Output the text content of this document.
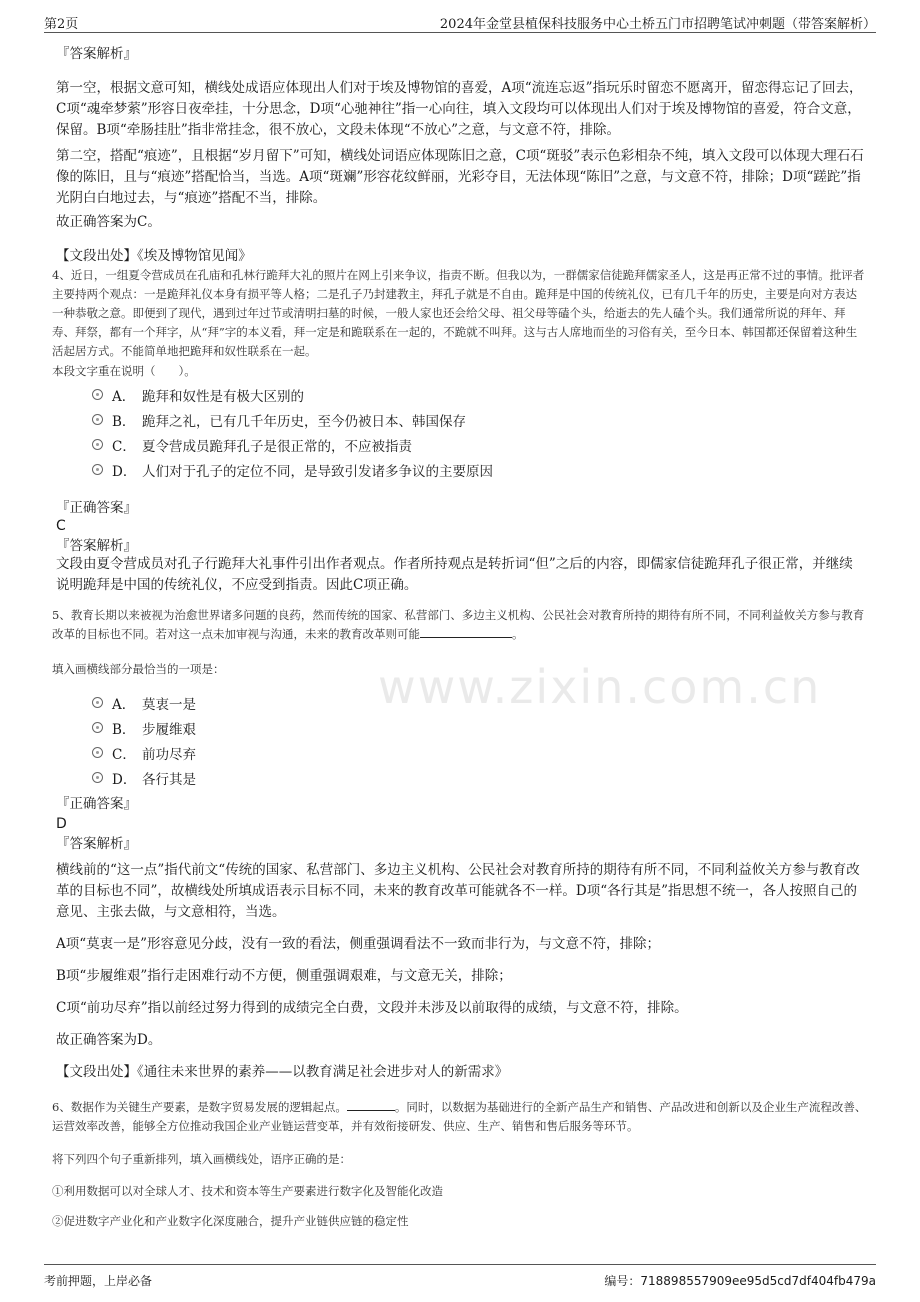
第2页	2024年金堂县植保科技服务中心土桥五门市招聘笔试冲刺题（带答案解析）
『答案解析』
第一空，根据文意可知，横线处成语应体现出人们对于埃及博物馆的喜爱，A项“流连忘返”指玩乐时留恋不愿离开，留恋得忘记了回去，C项“魂牵梦萦”形容日夜牵挂，十分思念，D项“心驰神往”指一心向往，填入文段均可以体现出人们对于埃及博物馆的喜爱，符合文意，保留。B项“牵肠挂肚”指非常挂念，很不放心，文段未体现“不放心”之意，与文意不符，排除。
第二空，搭配“痕迹”，且根据“岁月留下”可知，横线处词语应体现陈旧之意，C项“斑驳”表示色彩相杂不纯，填入文段可以体现大理石石像的陈旧，且与“痕迹”搭配恰当，当选。A项“斑斓”形容花纹鲜丽，光彩夺目，无法体现“陈旧”之意，与文意不符，排除；D项“蹉跎”指光阴白白地过去，与“痕迹”搭配不当，排除。
故正确答案为C。
【文段出处】《埃及博物馆见闻》
4、近日，一组夏令营成员在孔庙和孔林行跪拜大礼的照片在网上引来争议，指责不断。但我以为，一群儒家信徒跪拜儒家圣人，这是再正常不过的事情。批评者主要持两个观点：一是跪拜礼仪本身有损平等人格；二是孔子乃封建教主，拜孔子就是不自由。跪拜是中国的传统礼仪，已有几千年的历史，主要是向对方表达一种恭敬之意。即便到了现代，遇到过年过节或清明扫墓的时候，一般人家也还会给父母、祖父母等磕个头，给逝去的先人磕个头。我们通常所说的拜年、拜寿、拜祭，都有一个拜字，从“拜”字的本义看，拜一定是和跪联系在一起的，不跪就不叫拜。这与古人席地而坐的习俗有关，至今日本、韩国都还保留着这种生活起居方式。不能简单地把跪拜和奴性联系在一起。
本段文字重在说明（　　）。
A． 跪拜和奴性是有极大区别的
B． 跪拜之礼，已有几千年历史，至今仍被日本、韩国保存
C． 夏令营成员跪拜孔子是很正常的，不应被指责
D． 人们对于孔子的定位不同，是导致引发诸多争议的主要原因
『正确答案』
C
『答案解析』
文段由夏令营成员对孔子行跪拜大礼事件引出作者观点。作者所持观点是转折词“但”之后的内容，即儒家信徒跪拜孔子很正常，并继续说明跪拜是中国的传统礼仪，不应受到指责。因此C项正确。
5、教育长期以来被视为治愈世界诸多问题的良药，然而传统的国家、私营部门、多边主义机构、公民社会对教育所持的期待有所不同，不同利益攸关方参与教育改革的目标也不同。若对这一点未加审视与沟通，未来的教育改革则可能	。
填入画横线部分最恰当的一项是：	www.zixin.com.cn
A． 莫衷一是
B． 步履维艰
C． 前功尽弃
D． 各行其是
『正确答案』
D
『答案解析』
横线前的“这一点”指代前文“传统的国家、私营部门、多边主义机构、公民社会对教育所持的期待有所不同，不同利益攸关方参与教育改革的目标也不同”，故横线处所填成语表示目标不同，未来的教育改革可能就各不一样。D项“各行其是”指思想不统一，各人按照自己的意见、主张去做，与文意相符，当选。
A项“莫衷一是”形容意见分歧，没有一致的看法，侧重强调看法不一致而非行为，与文意不符，排除；
B项“步履维艰”指行走困难行动不方便，侧重强调艰难，与文意无关，排除；
C项“前功尽弃”指以前经过努力得到的成绩完全白费，文段并未涉及以前取得的成绩，与文意不符，排除。
故正确答案为D。
【文段出处】《通往未来世界的素养——以教育满足社会进步对人的新需求》
6、数据作为关键生产要素，是数字贸易发展的逻辑起点。	。同时，以数据为基础进行的全新产品生产和销售、产品改进和创新以及企业生产流程改善、运营效率改善，能够全方位推动我国企业产业链运营变革，并有效衔接研发、供应、生产、销售和售后服务等环节。
将下列四个句子重新排列，填入画横线处，语序正确的是：
①利用数据可以对全球人才、技术和资本等生产要素进行数字化及智能化改造
②促进数字产业化和产业数字化深度融合，提升产业链供应链的稳定性
考前押题，上岸必备	编号：718898557909ee95d5cd7df404fb479a
